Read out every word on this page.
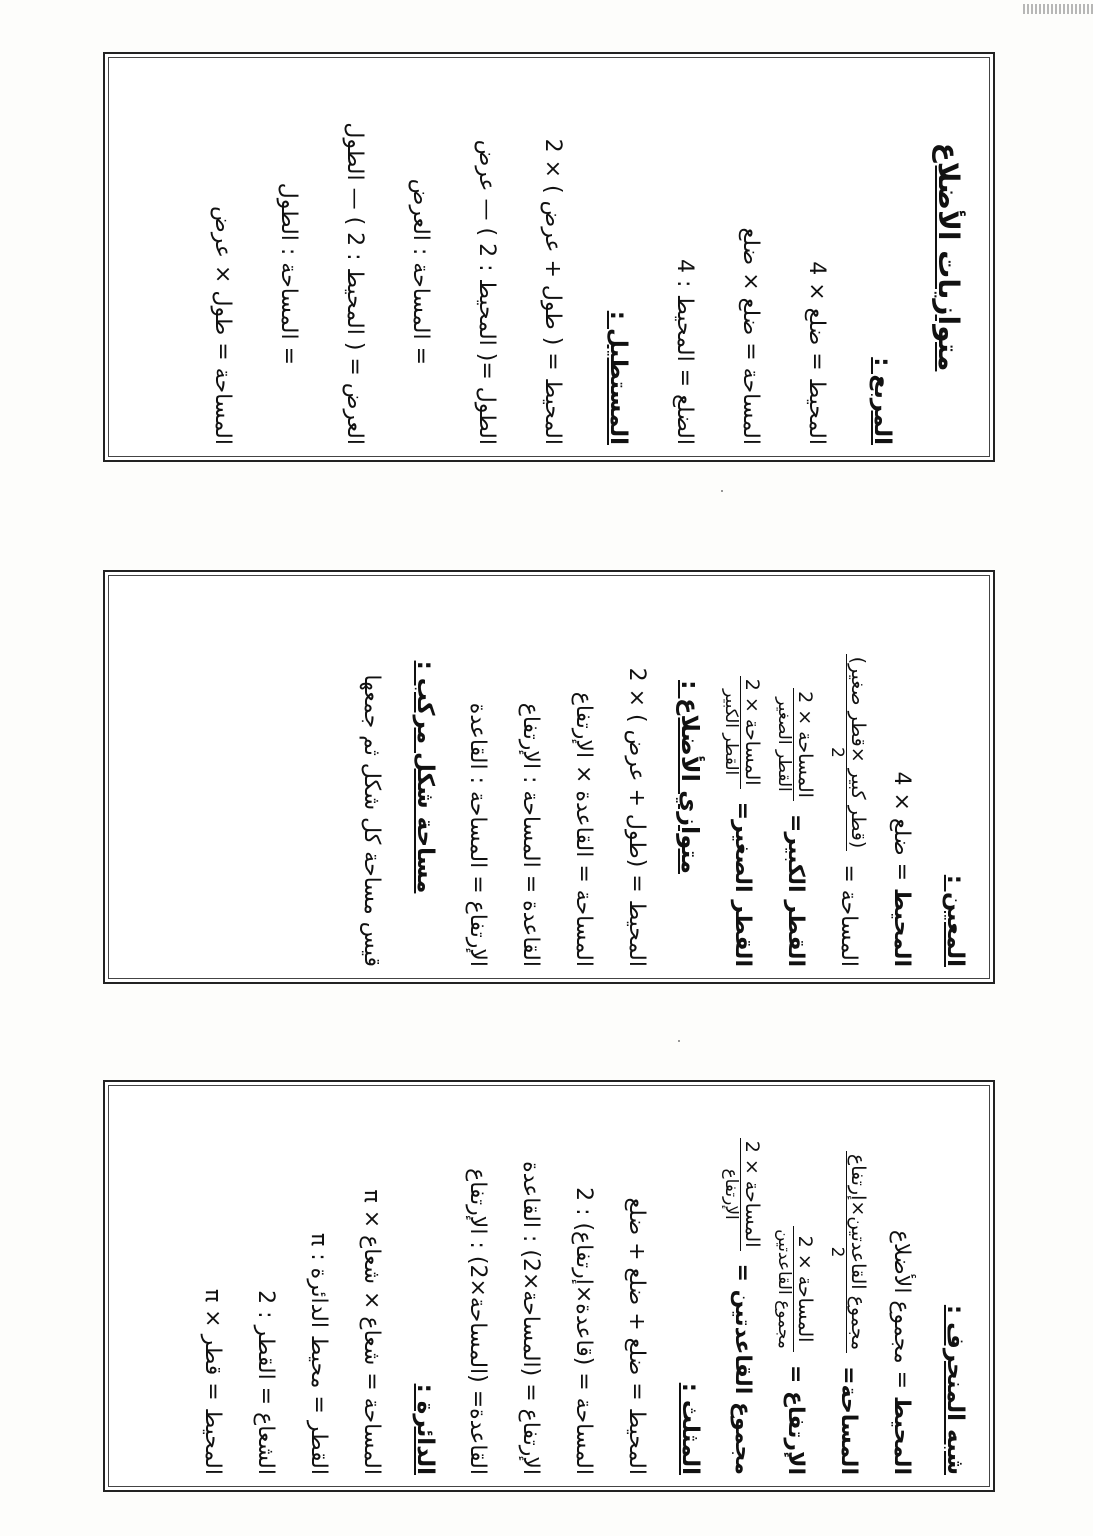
متوازيات الأضلاع
المربع :
المحيط = ضلع × 4
المساحة = ضلع × ضلع
الضلع = المحيط : 4
المستطيل :
المحيط = ( طول + عرض ) × 2
الطول =( المحيط : 2 ) — عرض
= المساحة : العرض
العرض = ( المحيط : 2 ) — الطول
= المساحة : الطول
المساحة = طول × عرض
المعين :
المحيط = ضلع × 4
المساحة =
(قطر كبير ×قطر صغير)
2
القطر الكبير=
المساحة × 2
القطر الصغير
القطر الصغير=
المساحة × 2
القطر الكبير
متوازي الأضلاع :
المحيط = (طول + عرض ) × 2
المساحة = القاعدة × الإرتفاع
القاعدة = المساحة : الإرتفاع
الإرتفاع = المساحة : القاعدة
مساحة شكل مركب :
قيس مساحة كل شكل ثم جمعها
شبه المنحرف :
المحيط = مجموع الأضلاع
المساحة=
مجموع القاعدتين×إرتفاع
2
الإرتفاع =
المساحة × 2
مجموع القاعدتين
مجموع القاعدتين =
المساحة × 2
الإرتفاع
المثلث :
المحيط = ضلع + ضلع + ضلع
المساحة = (قاعدة×إرتفاع) : 2
الإرتفاع = (المساحة×2) : القاعدة
القاعدة= (المساحة×2) : الإرتفاع
الدائرة :
المساحة = شعاع × شعاع × π
القطر = محيط الدائرة : π
الشعاع = القطر : 2
المحيط = قطر × π
